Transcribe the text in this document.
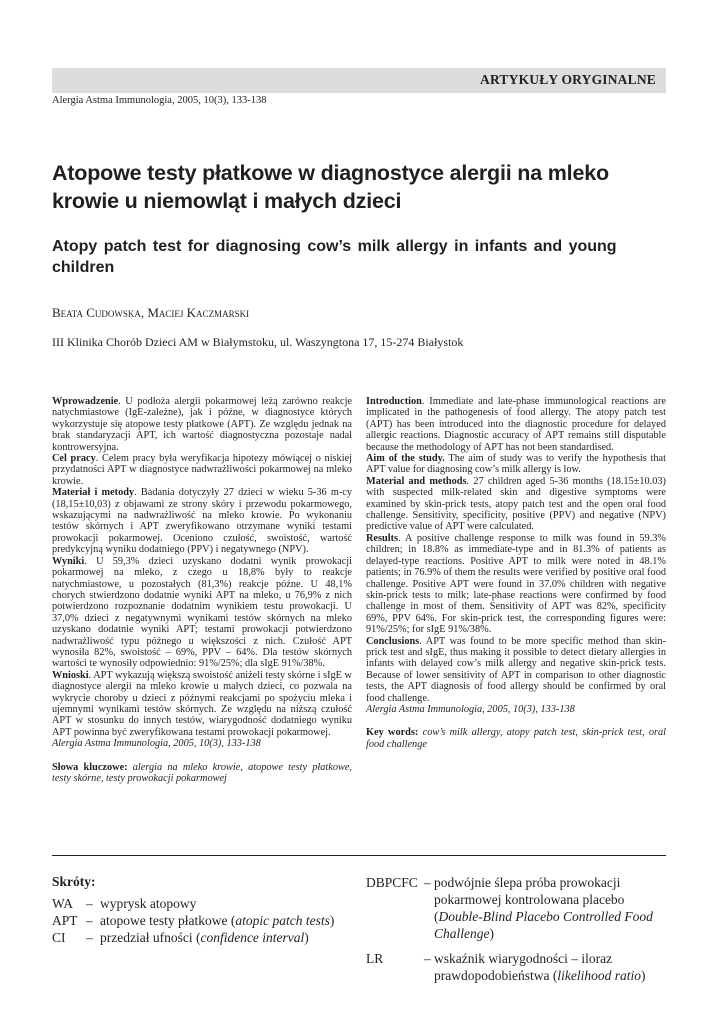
ARTYKUŁY ORYGINALNE
Alergia Astma Immunologia, 2005, 10(3), 133-138
Atopowe testy płatkowe w diagnostyce alergii na mleko krowie u niemowląt i małych dzieci
Atopy patch test for diagnosing cow’s milk allergy in infants and young children
Beata Cudowska, Maciej Kaczmarski
III Klinika Chorób Dzieci AM w Białymstoku, ul. Waszyngtona 17, 15-274 Białystok

Wprowadzenie. U podłoża alergii pokarmowej leżą zarówno reakcje natychmiastowe (IgE-zależne), jak i późne, w diagnostyce których wykorzystuje się atopowe testy płatkowe (APT). Ze względu jednak na brak standaryzacji APT, ich wartość diagnostyczna pozostaje nadal kontrowersyjna.

Cel pracy. Celem pracy była weryfikacja hipotezy mówiącej o niskiej przydatności APT w diagnostyce nadwrażliwości pokarmowej na mleko krowie.

Materiał i metody. Badania dotyczyły 27 dzieci w wieku 5-36 m-cy (18,15±10,03) z objawami ze strony skóry i przewodu pokarmowego, wskazującymi na nadwrażliwość na mleko krowie. Po wykonaniu testów skórnych i APT zweryfikowano otrzymane wyniki testami prowokacji pokarmowej. Oceniono czułość, swoistość, wartość predykcyjną wyniku dodatniego (PPV) i negatywnego (NPV).

Wyniki. U 59,3% dzieci uzyskano dodatni wynik prowokacji pokarmowej na mleko, z czego u 18,8% były to reakcje natychmiastowe, u pozostałych (81,3%) reakcje późne. U 48,1% chorych stwierdzono dodatnie wyniki APT na mleko, u 76,9% z nich potwierdzono rozpoznanie dodatnim wynikiem testu prowokacji. U 37,0% dzieci z negatywnymi wynikami testów skórnych na mleko uzyskano dodatnie wyniki APT; testami prowokacji potwierdzono nadwrażliwość typu późnego u większości z nich. Czułość APT wynosiła 82%, swoistość – 69%, PPV – 64%. Dla testów skórnych wartości te wynosiły odpowiednio: 91%/25%; dla sIgE 91%/38%.

Wnioski. APT wykazują większą swoistość aniżeli testy skórne i sIgE w diagnostyce alergii na mleko krowie u małych dzieci, co pozwala na wykrycie choroby u dzieci z późnymi reakcjami po spożyciu mleka i ujemnymi wynikami testów skórnych. Ze względu na niższą czułość APT w stosunku do innych testów, wiarygodność dodatniego wyniku APT powinna być zweryfikowana testami prowokacji pokarmowej.

Alergia Astma Immunologia, 2005, 10(3), 133-138

Słowa kluczowe: alergia na mleko krowie, atopowe testy płatkowe, testy skórne, testy prowokacji pokarmowej

Introduction. Immediate and late-phase immunological reactions are implicated in the pathogenesis of food allergy. The atopy patch test (APT) has been introduced into the diagnostic procedure for delayed allergic reactions. Diagnostic accuracy of APT remains still disputable because the methodology of APT has not been standardised.

Aim of the study. The aim of study was to verify the hypothesis that APT value for diagnosing cow’s milk allergy is low.

Material and methods. 27 children aged 5-36 months (18.15±10.03) with suspected milk-related skin and digestive symptoms were examined by skin-prick tests, atopy patch test and the open oral food challenge. Sensitivity, specificity, positive (PPV) and negative (NPV) predictive value of APT were calculated.

Results. A positive challenge response to milk was found in 59.3% children; in 18.8% as immediate-type and in 81.3% of patients as delayed-type reactions. Positive APT to milk were noted in 48.1% patients; in 76.9% of them the results were verified by positive oral food challenge. Positive APT were found in 37.0% children with negative skin-prick tests to milk; late-phase reactions were confirmed by food challenge in most of them. Sensitivity of APT was 82%, specificity 69%, PPV 64%. For skin-prick test, the corresponding figures were: 91%/25%; for sIgE 91%/38%.

Conclusions. APT was found to be more specific method than skin-prick test and sIgE, thus making it possible to detect dietary allergies in infants with delayed cow’s milk allergy and negative skin-prick tests. Because of lower sensitivity of APT in comparison to other diagnostic tests, the APT diagnosis of food allergy should be confirmed by oral food challenge.

Alergia Astma Immunologia, 2005, 10(3), 133-138

Key words: cow’s milk allergy, atopy patch test, skin-prick test, oral food challenge

Skróty:
WA – wyprysk atopowy
APT – atopowe testy płatkowe (atopic patch tests)
CI	– przedział ufności (confidence interval)
DBPCFC – podwójnie ślepa próba prowokacji pokarmowej kontrolowana placebo (Double-Blind Placebo Controlled Food Challenge)
LR	– wskaźnik wiarygodności – iloraz prawdopodobieństwa (likelihood ratio)
